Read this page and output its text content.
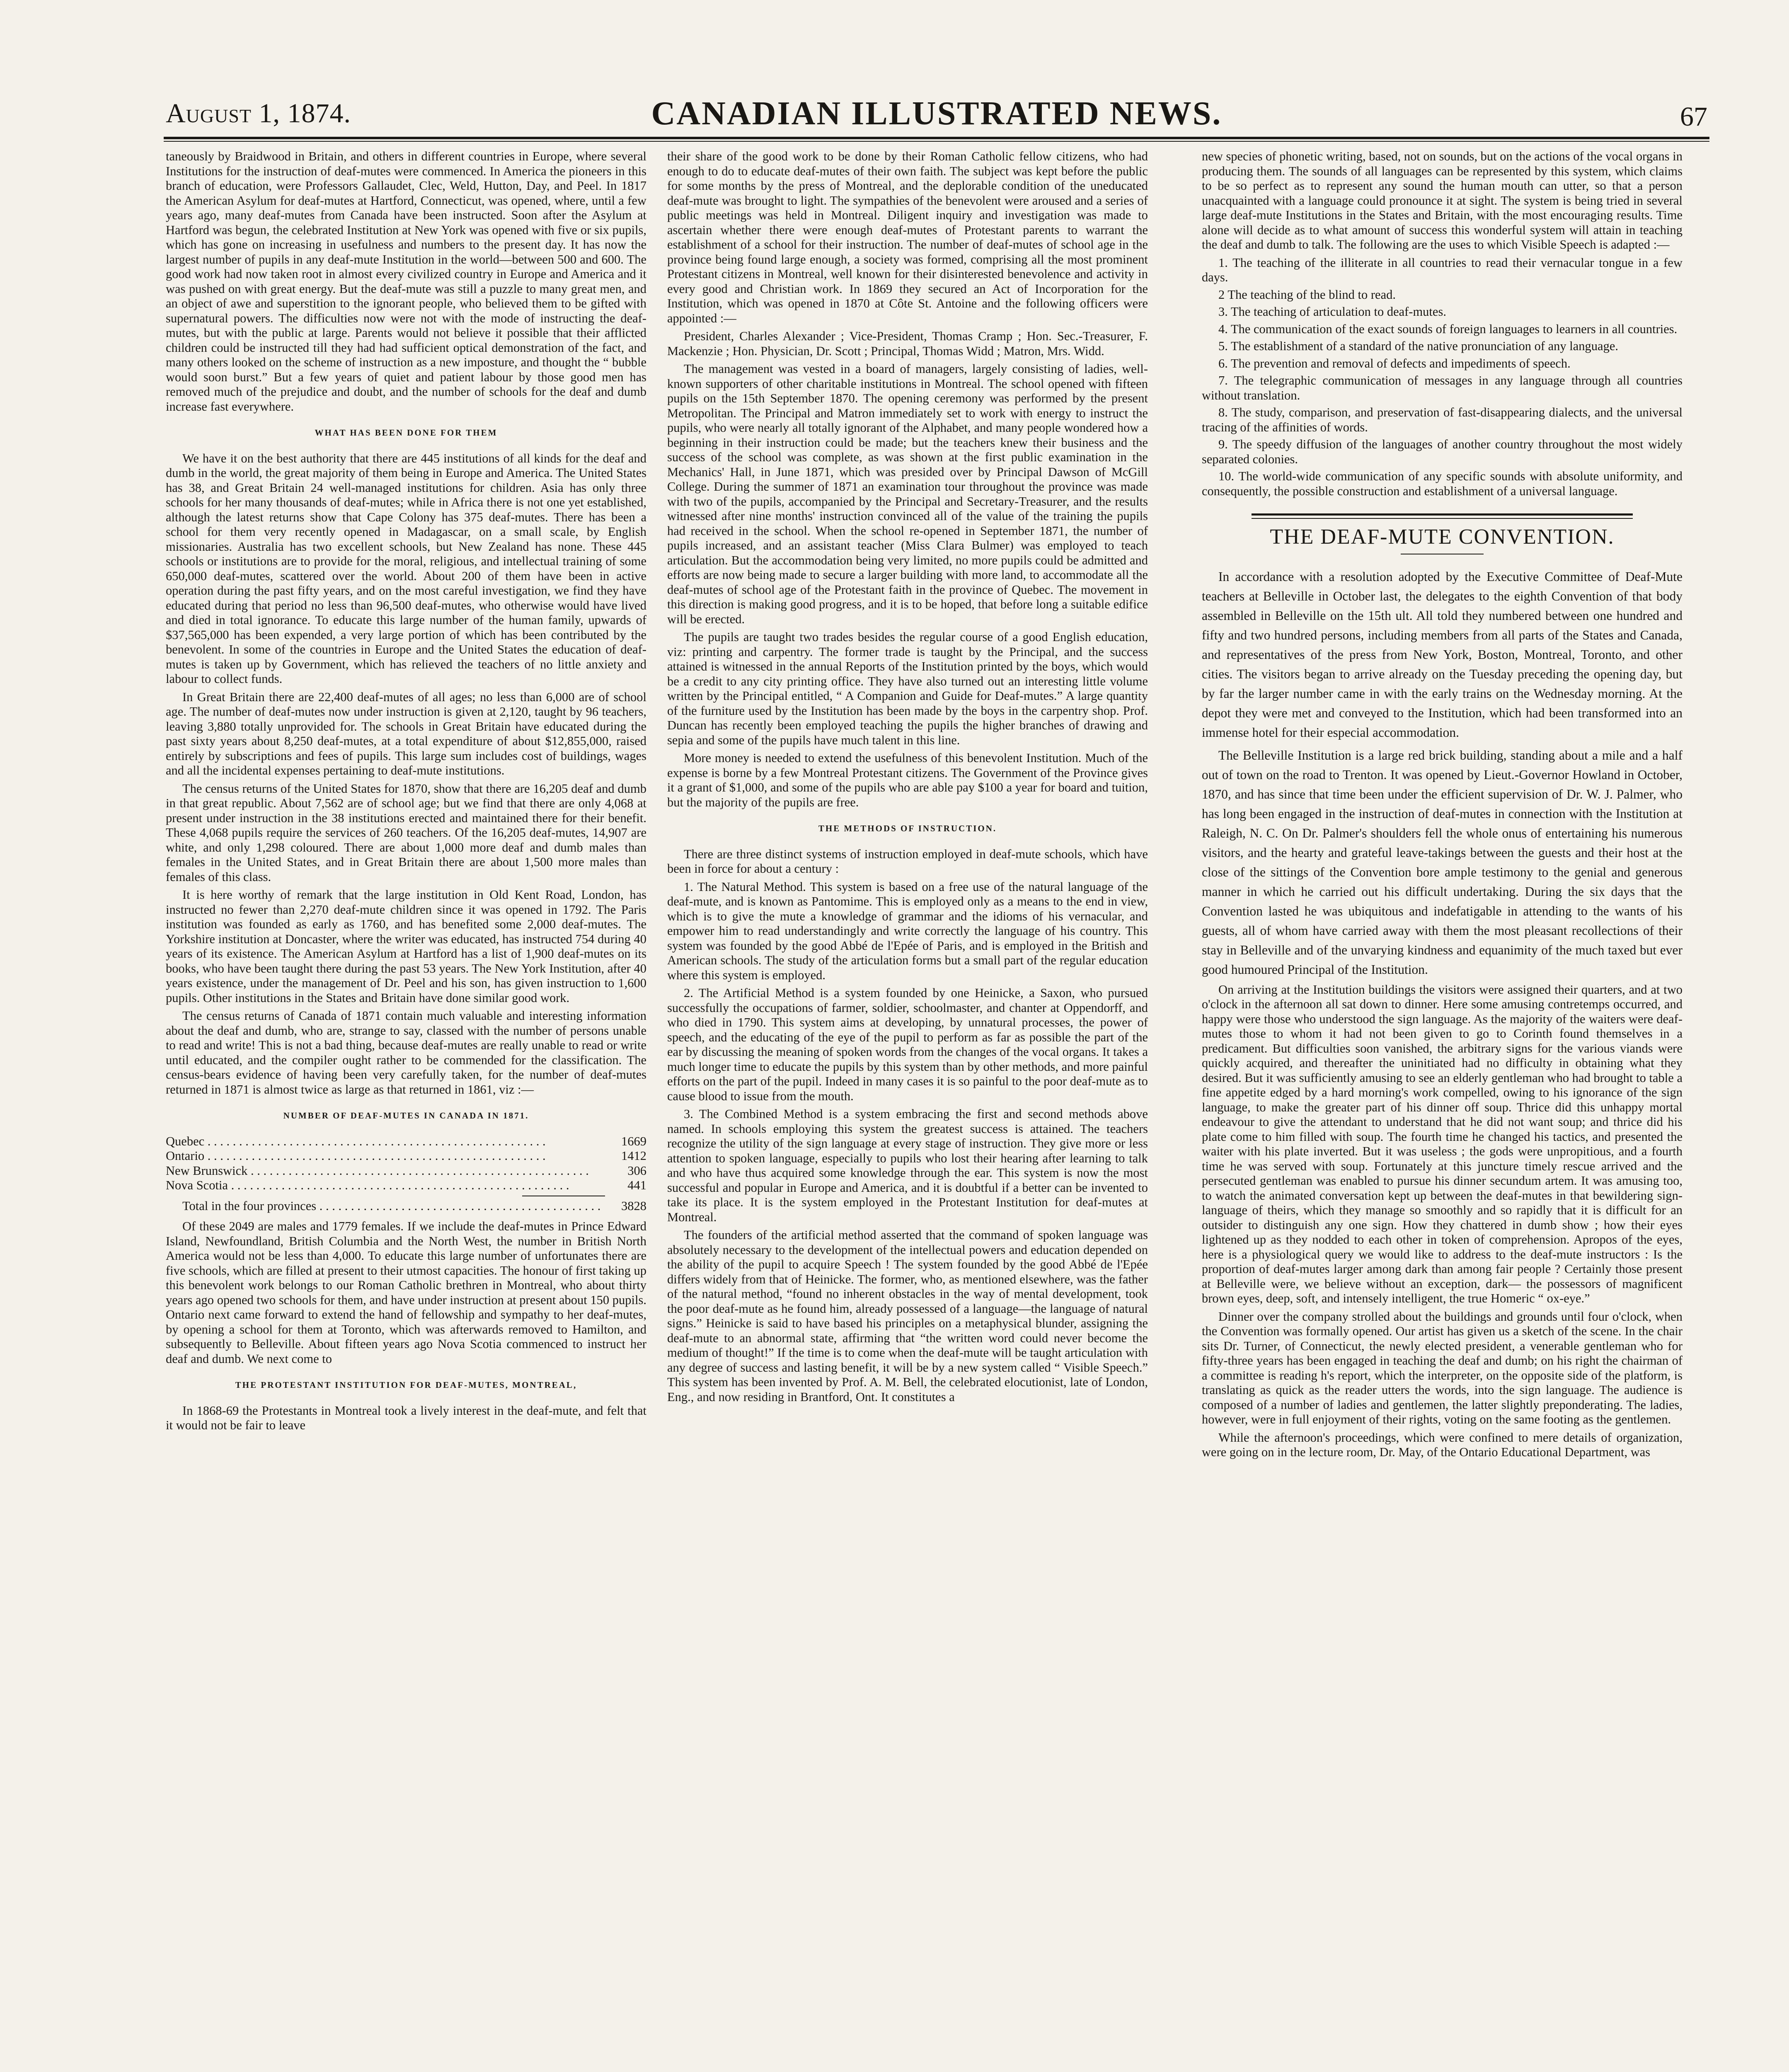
August 1, 1874.	CANADIAN ILLUSTRATED NEWS.	67

taneously by Braidwood in Britain, and others in different countries in Europe, where several Institutions for the instruction of deaf-mutes were commenced. In America the pioneers in this branch of education, were Professors Gallaudet, Clec, Weld, Hutton, Day, and Peel. In 1817 the American Asylum for deaf-mutes at Hartford, Connecticut, was opened, where, until a few years ago, many deaf-mutes from Canada have been instructed. Soon after the Asylum at Hartford was begun, the celebrated Institution at New York was opened with five or six pupils, which has gone on increasing in usefulness and numbers to the present day. It has now the largest number of pupils in any deaf-mute Institution in the world—between 500 and 600. The good work had now taken root in almost every civilized country in Europe and America and it was pushed on with great energy. But the deaf-mute was still a puzzle to many great men, and an object of awe and superstition to the ignorant people, who believed them to be gifted with supernatural powers. The difficulties now were not with the mode of instructing the deaf-mutes, but with the public at large. Parents would not believe it possible that their afflicted children could be instructed till they had had sufficient optical demonstration of the fact, and many others looked on the scheme of instruction as a new imposture, and thought the “ bubble would soon burst.” But a few years of quiet and patient labour by those good men has removed much of the prejudice and doubt, and the number of schools for the deaf and dumb increase fast everywhere.

WHAT HAS BEEN DONE FOR THEM

We have it on the best authority that there are 445 institutions of all kinds for the deaf and dumb in the world, the great majority of them being in Europe and America. The United States has 38, and Great Britain 24 well-managed institutions for children. Asia has only three schools for her many thousands of deaf-mutes; while in Africa there is not one yet established, although the latest returns show that Cape Colony has 375 deaf-mutes. There has been a school for them very recently opened in Madagascar, on a small scale, by English missionaries. Australia has two excellent schools, but New Zealand has none. These 445 schools or institutions are to provide for the moral, religious, and intellectual training of some 650,000 deaf-mutes, scattered over the world. About 200 of them have been in active operation during the past fifty years, and on the most careful investigation, we find they have educated during that period no less than 96,500 deaf-mutes, who otherwise would have lived and died in total ignorance. To educate this large number of the human family, upwards of $37,565,000 has been expended, a very large portion of which has been contributed by the benevolent. In some of the countries in Europe and the United States the education of deaf-mutes is taken up by Government, which has relieved the teachers of no little anxiety and labour to collect funds.

In Great Britain there are 22,400 deaf-mutes of all ages; no less than 6,000 are of school age. The number of deaf-mutes now under instruction is given at 2,120, taught by 96 teachers, leaving 3,880 totally unprovided for. The schools in Great Britain have educated during the past sixty years about 8,250 deaf-mutes, at a total expenditure of about $12,855,000, raised entirely by subscriptions and fees of pupils. This large sum includes cost of buildings, wages and all the incidental expenses pertaining to deaf-mute institutions.

The census returns of the United States for 1870, show that there are 16,205 deaf and dumb in that great republic. About 7,562 are of school age; but we find that there are only 4,068 at present under instruction in the 38 institutions erected and maintained there for their benefit. These 4,068 pupils require the services of 260 teachers. Of the 16,205 deaf-mutes, 14,907 are white, and only 1,298 coloured. There are about 1,000 more deaf and dumb males than females in the United States, and in Great Britain there are about 1,500 more males than females of this class.

It is here worthy of remark that the large institution in Old Kent Road, London, has instructed no fewer than 2,270 deaf-mute children since it was opened in 1792. The Paris institution was founded as early as 1760, and has benefited some 2,000 deaf-mutes. The Yorkshire institution at Doncaster, where the writer was educated, has instructed 754 during 40 years of its existence. The American Asylum at Hartford has a list of 1,900 deaf-mutes on its books, who have been taught there during the past 53 years. The New York Institution, after 40 years existence, under the management of Dr. Peel and his son, has given instruction to 1,600 pupils. Other institutions in the States and Britain have done similar good work.

The census returns of Canada of 1871 contain much valuable and interesting information about the deaf and dumb, who are, strange to say, classed with the number of persons unable to read and write! This is not a bad thing, because deaf-mutes are really unable to read or write until educated, and the compiler ought rather to be commended for the classification. The census-bears evidence of having been very carefully taken, for the number of deaf-mutes returned in 1871 is almost twice as large as that returned in 1861, viz :—

NUMBER OF DEAF-MUTES IN CANADA IN 1871.
Quebec . . .	1669
Ontario . . .	1412
New Brunswick . . .	306
Nova Scotia . . .	441
Total in the four provinces . . .	3828

Of these 2049 are males and 1779 females. If we include the deaf-mutes in Prince Edward Island, Newfoundland, British Columbia and the North West, the number in British North America would not be less than 4,000. To educate this large number of unfortunates there are five schools, which are filled at present to their utmost capacities. The honour of first taking up this benevolent work belongs to our Roman Catholic brethren in Montreal, who about thirty years ago opened two schools for them, and have under instruction at present about 150 pupils. Ontario next came forward to extend the hand of fellowship and sympathy to her deaf-mutes, by opening a school for them at Toronto, which was afterwards removed to Hamilton, and subsequently to Belleville. About fifteen years ago Nova Scotia commenced to instruct her deaf and dumb. We next come to

THE PROTESTANT INSTITUTION FOR DEAF-MUTES, MONTREAL,

In 1868-69 the Protestants in Montreal took a lively interest in the deaf-mute, and felt that it would not be fair to leave

their share of the good work to be done by their Roman Catholic fellow citizens, who had enough to do to educate deaf-mutes of their own faith. The subject was kept before the public for some months by the press of Montreal, and the deplorable condition of the uneducated deaf-mute was brought to light. The sympathies of the benevolent were aroused and a series of public meetings was held in Montreal. Diligent inquiry and investigation was made to ascertain whether there were enough deaf-mutes of Protestant parents to warrant the establishment of a school for their instruction. The number of deaf-mutes of school age in the province being found large enough, a society was formed, comprising all the most prominent Protestant citizens in Montreal, well known for their disinterested benevolence and activity in every good and Christian work. In 1869 they secured an Act of Incorporation for the Institution, which was opened in 1870 at Côte St. Antoine and the following officers were appointed :—

President, Charles Alexander ; Vice-President, Thomas Cramp ; Hon. Sec.-Treasurer, F. Mackenzie ; Hon. Physician, Dr. Scott ; Principal, Thomas Widd ; Matron, Mrs. Widd.

The management was vested in a board of managers, largely consisting of ladies, well-known supporters of other charitable institutions in Montreal. The school opened with fifteen pupils on the 15th September 1870. The opening ceremony was performed by the present Metropolitan. The Principal and Matron immediately set to work with energy to instruct the pupils, who were nearly all totally ignorant of the Alphabet, and many people wondered how a beginning in their instruction could be made; but the teachers knew their business and the success of the school was complete, as was shown at the first public examination in the Mechanics' Hall, in June 1871, which was presided over by Principal Dawson of McGill College. During the summer of 1871 an examination tour throughout the province was made with two of the pupils, accompanied by the Principal and Secretary-Treasurer, and the results witnessed after nine months' instruction convinced all of the value of the training the pupils had received in the school. When the school re-opened in September 1871, the number of pupils increased, and an assistant teacher (Miss Clara Bulmer) was employed to teach articulation. But the accommodation being very limited, no more pupils could be admitted and efforts are now being made to secure a larger building with more land, to accommodate all the deaf-mutes of school age of the Protestant faith in the province of Quebec. The movement in this direction is making good progress, and it is to be hoped, that before long a suitable edifice will be erected.

The pupils are taught two trades besides the regular course of a good English education, viz: printing and carpentry. The former trade is taught by the Principal, and the success attained is witnessed in the annual Reports of the Institution printed by the boys, which would be a credit to any city printing office. They have also turned out an interesting little volume written by the Principal entitled, “ A Companion and Guide for Deaf-mutes.” A large quantity of the furniture used by the Institution has been made by the boys in the carpentry shop. Prof. Duncan has recently been employed teaching the pupils the higher branches of drawing and sepia and some of the pupils have much talent in this line.

More money is needed to extend the usefulness of this benevolent Institution. Much of the expense is borne by a few Montreal Protestant citizens. The Government of the Province gives it a grant of $1,000, and some of the pupils who are able pay $100 a year for board and tuition, but the majority of the pupils are free.

THE METHODS OF INSTRUCTION.

There are three distinct systems of instruction employed in deaf-mute schools, which have been in force for about a century :

1. The Natural Method. This system is based on a free use of the natural language of the deaf-mute, and is known as Pantomime. This is employed only as a means to the end in view, which is to give the mute a knowledge of grammar and the idioms of his vernacular, and empower him to read understandingly and write correctly the language of his country. This system was founded by the good Abbé de l'Epée of Paris, and is employed in the British and American schools. The study of the articulation forms but a small part of the regular education where this system is employed.

2. The Artificial Method is a system founded by one Heinicke, a Saxon, who pursued successfully the occupations of farmer, soldier, schoolmaster, and chanter at Oppendorff, and who died in 1790. This system aims at developing, by unnatural processes, the power of speech, and the educating of the eye of the pupil to perform as far as possible the part of the ear by discussing the meaning of spoken words from the changes of the vocal organs. It takes a much longer time to educate the pupils by this system than by other methods, and more painful efforts on the part of the pupil. Indeed in many cases it is so painful to the poor deaf-mute as to cause blood to issue from the mouth.

3. The Combined Method is a system embracing the first and second methods above named. In schools employing this system the greatest success is attained. The teachers recognize the utility of the sign language at every stage of instruction. They give more or less attention to spoken language, especially to pupils who lost their hearing after learning to talk and who have thus acquired some knowledge through the ear. This system is now the most successful and popular in Europe and America, and it is doubtful if a better can be invented to take its place. It is the system employed in the Protestant Institution for deaf-mutes at Montreal.

The founders of the artificial method asserted that the command of spoken language was absolutely necessary to the development of the intellectual powers and education depended on the ability of the pupil to acquire Speech ! The system founded by the good Abbé de l'Epée differs widely from that of Heinicke. The former, who, as mentioned elsewhere, was the father of the natural method, “found no inherent obstacles in the way of mental development, took the poor deaf-mute as he found him, already possessed of a language—the language of natural signs.” Heinicke is said to have based his principles on a metaphysical blunder, assigning the deaf-mute to an abnormal state, affirming that “the written word could never become the medium of thought!” If the time is to come when the deaf-mute will be taught articulation with any degree of success and lasting benefit, it will be by a new system called “ Visible Speech.” This system has been invented by Prof. A. M. Bell, the celebrated elocutionist, late of London, Eng., and now residing in Brantford, Ont. It constitutes a

new species of phonetic writing, based, not on sounds, but on the actions of the vocal organs in producing them. The sounds of all languages can be represented by this system, which claims to be so perfect as to represent any sound the human mouth can utter, so that a person unacquainted with a language could pronounce it at sight. The system is being tried in several large deaf-mute Institutions in the States and Britain, with the most encouraging results. Time alone will decide as to what amount of success this wonderful system will attain in teaching the deaf and dumb to talk. The following are the uses to which Visible Speech is adapted :—

1. The teaching of the illiterate in all countries to read their vernacular tongue in a few days.

2 The teaching of the blind to read.

3. The teaching of articulation to deaf-mutes.

4. The communication of the exact sounds of foreign languages to learners in all countries.

5. The establishment of a standard of the native pronunciation of any language.

6. The prevention and removal of defects and impediments of speech.

7. The telegraphic communication of messages in any language through all countries without translation.

8. The study, comparison, and preservation of fast-disappearing dialects, and the universal tracing of the affinities of words.

9. The speedy diffusion of the languages of another country throughout the most widely separated colonies.

10. The world-wide communication of any specific sounds with absolute uniformity, and consequently, the possible construction and establishment of a universal language.

THE DEAF-MUTE CONVENTION.

In accordance with a resolution adopted by the Executive Committee of Deaf-Mute teachers at Belleville in October last, the delegates to the eighth Convention of that body assembled in Belleville on the 15th ult. All told they numbered between one hundred and fifty and two hundred persons, including members from all parts of the States and Canada, and representatives of the press from New York, Boston, Montreal, Toronto, and other cities. The visitors began to arrive already on the Tuesday preceding the opening day, but by far the larger number came in with the early trains on the Wednesday morning. At the depot they were met and conveyed to the Institution, which had been transformed into an immense hotel for their especial accommodation.

The Belleville Institution is a large red brick building, standing about a mile and a half out of town on the road to Trenton. It was opened by Lieut.-Governor Howland in October, 1870, and has since that time been under the efficient supervision of Dr. W. J. Palmer, who has long been engaged in the instruction of deaf-mutes in connection with the Institution at Raleigh, N. C. On Dr. Palmer's shoulders fell the whole onus of entertaining his numerous visitors, and the hearty and grateful leave-takings between the guests and their host at the close of the sittings of the Convention bore ample testimony to the genial and generous manner in which he carried out his difficult undertaking. During the six days that the Convention lasted he was ubiquitous and indefatigable in attending to the wants of his guests, all of whom have carried away with them the most pleasant recollections of their stay in Belleville and of the unvarying kindness and equanimity of the much taxed but ever good humoured Principal of the Institution.

On arriving at the Institution buildings the visitors were assigned their quarters, and at two o'clock in the afternoon all sat down to dinner. Here some amusing contretemps occurred, and happy were those who understood the sign language. As the majority of the waiters were deaf-mutes those to whom it had not been given to go to Corinth found themselves in a predicament. But difficulties soon vanished, the arbitrary signs for the various viands were quickly acquired, and thereafter the uninitiated had no difficulty in obtaining what they desired. But it was sufficiently amusing to see an elderly gentleman who had brought to table a fine appetite edged by a hard morning's work compelled, owing to his ignorance of the sign language, to make the greater part of his dinner off soup. Thrice did this unhappy mortal endeavour to give the attendant to understand that he did not want soup; and thrice did his plate come to him filled with soup. The fourth time he changed his tactics, and presented the waiter with his plate inverted. But it was useless ; the gods were unpropitious, and a fourth time he was served with soup. Fortunately at this juncture timely rescue arrived and the persecuted gentleman was enabled to pursue his dinner secundum artem. It was amusing too, to watch the animated conversation kept up between the deaf-mutes in that bewildering sign-language of theirs, which they manage so smoothly and so rapidly that it is difficult for an outsider to distinguish any one sign. How they chattered in dumb show ; how their eyes lightened up as they nodded to each other in token of comprehension. Apropos of the eyes, here is a physiological query we would like to address to the deaf-mute instructors : Is the proportion of deaf-mutes larger among dark than among fair people ? Certainly those present at Belleville were, we believe without an exception, dark— the possessors of magnificent brown eyes, deep, soft, and intensely intelligent, the true Homeric “ ox-eye.”

Dinner over the company strolled about the buildings and grounds until four o'clock, when the Convention was formally opened. Our artist has given us a sketch of the scene. In the chair sits Dr. Turner, of Connecticut, the newly elected president, a venerable gentleman who for fifty-three years has been engaged in teaching the deaf and dumb; on his right the chairman of a committee is reading h's report, which the interpreter, on the opposite side of the platform, is translating as quick as the reader utters the words, into the sign language. The audience is composed of a number of ladies and gentlemen, the latter slightly preponderating. The ladies, however, were in full enjoyment of their rights, voting on the same footing as the gentlemen.

While the afternoon's proceedings, which were confined to mere details of organization, were going on in the lecture room, Dr. May, of the Ontario Educational Department, was
